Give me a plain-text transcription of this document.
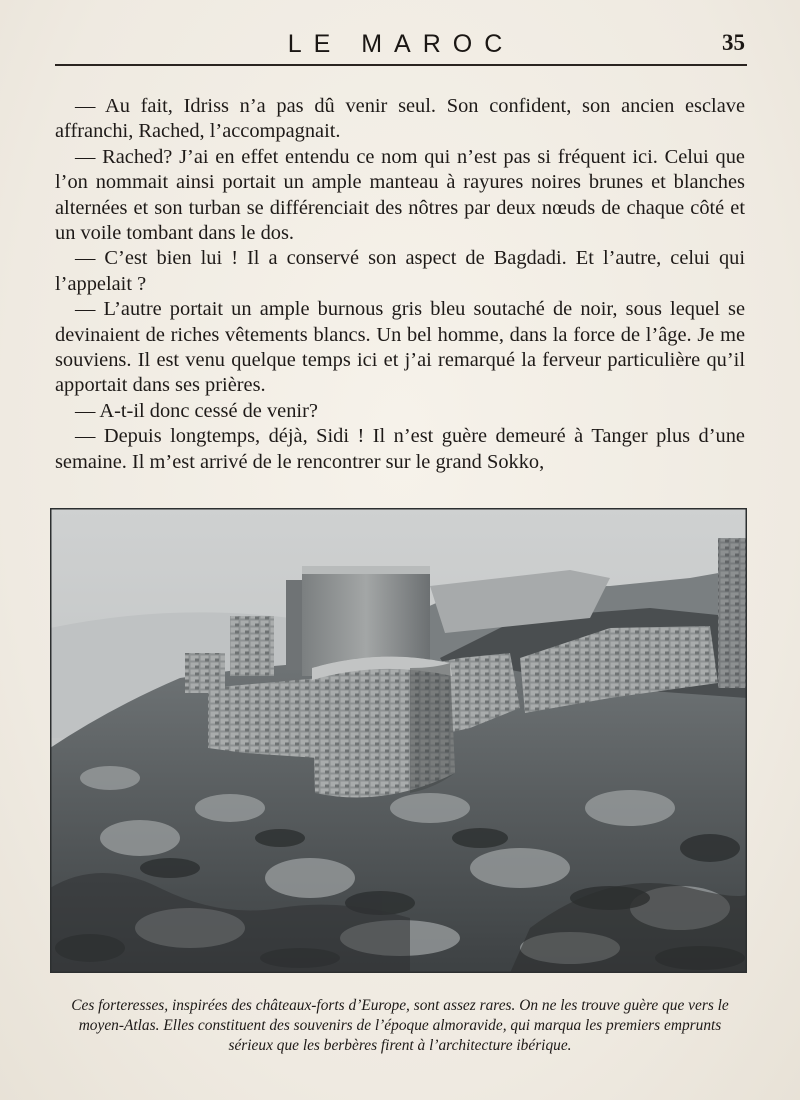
LE MAROC	35

— Au fait, Idriss n’a pas dû venir seul. Son confident, son ancien esclave affranchi, Rached, l’accompagnait.

— Rached? J’ai en effet entendu ce nom qui n’est pas si fréquent ici. Celui que l’on nommait ainsi portait un ample manteau à rayures noires brunes et blanches alternées et son turban se différenciait des nôtres par deux nœuds de chaque côté et un voile tombant dans le dos.

— C’est bien lui ! Il a conservé son aspect de Bagdadi. Et l’autre, celui qui l’appelait ?

— L’autre portait un ample burnous gris bleu soutaché de noir, sous lequel se devinaient de riches vêtements blancs. Un bel homme, dans la force de l’âge. Je me souviens. Il est venu quelque temps ici et j’ai remarqué la ferveur particulière qu’il apportait dans ses prières.

— A-t-il donc cessé de venir?

— Depuis longtemps, déjà, Sidi ! Il n’est guère demeuré à Tanger plus d’une semaine. Il m’est arrivé de le rencontrer sur le grand Sokko,

Ces forteresses, inspirées des châteaux-forts d’Europe, sont assez rares. On ne les trouve guère que vers le moyen-Atlas. Elles constituent des souvenirs de l’époque almoravide, qui marqua les premiers emprunts sérieux que les berbères firent à l’architecture ibérique.
